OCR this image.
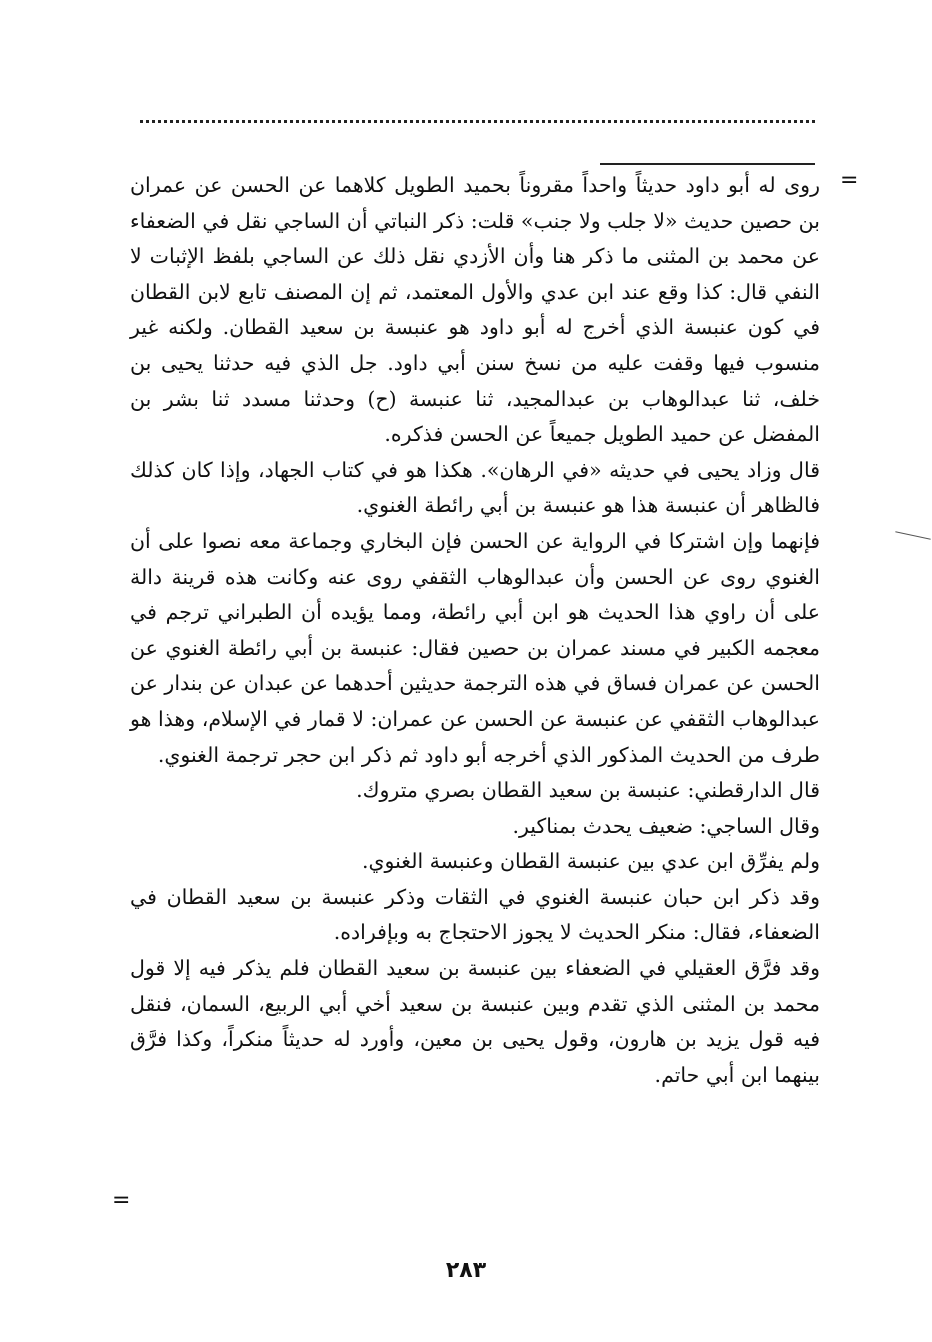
=

روى له أبو داود حديثاً واحداً مقروناً بحميد الطويل كلاهما عن الحسن عن عمران بن حصين حديث «لا جلب ولا جنب» قلت: ذكر النباتي أن الساجي نقل في الضعفاء عن محمد بن المثنى ما ذكر هنا وأن الأزدي نقل ذلك عن الساجي بلفظ الإثبات لا النفي قال: كذا وقع عند ابن عدي والأول المعتمد، ثم إن المصنف تابع لابن القطان في كون عنبسة الذي أخرج له أبو داود هو عنبسة بن سعيد القطان. ولكنه غير منسوب فيها وقفت عليه من نسخ سنن أبي داود. جل الذي فيه حدثنا يحيى بن خلف، ثنا عبدالوهاب بن عبدالمجيد، ثنا عنبسة (ح) وحدثنا مسدد ثنا بشر بن المفضل عن حميد الطويل جميعاً عن الحسن فذكره.

قال وزاد يحيى في حديثه «في الرهان». هكذا هو في كتاب الجهاد، وإذا كان كذلك فالظاهر أن عنبسة هذا هو عنبسة بن أبي رائطة الغنوي.

فإنهما وإن اشتركا في الرواية عن الحسن فإن البخاري وجماعة معه نصوا على أن الغنوي روى عن الحسن وأن عبدالوهاب الثقفي روى عنه وكانت هذه قرينة دالة على أن راوي هذا الحديث هو ابن أبي رائطة، ومما يؤيده أن الطبراني ترجم في معجمه الكبير في مسند عمران بن حصين فقال: عنبسة بن أبي رائطة الغنوي عن الحسن عن عمران فساق في هذه الترجمة حديثين أحدهما عن عبدان عن بندار عن عبدالوهاب الثقفي عن عنبسة عن الحسن عن عمران: لا قمار في الإسلام، وهذا هو طرف من الحديث المذكور الذي أخرجه أبو داود ثم ذكر ابن حجر ترجمة الغنوي.

قال الدارقطني: عنبسة بن سعيد القطان بصري متروك.

وقال الساجي: ضعيف يحدث بمناكير.

ولم يفرِّق ابن عدي بين عنبسة القطان وعنبسة الغنوي.

وقد ذكر ابن حبان عنبسة الغنوي في الثقات وذكر عنبسة بن سعيد القطان في الضعفاء، فقال: منكر الحديث لا يجوز الاحتجاج به وبإفراده.

وقد فرَّق العقيلي في الضعفاء بين عنبسة بن سعيد القطان فلم يذكر فيه إلا قول محمد بن المثنى الذي تقدم وبين عنبسة بن سعيد أخي أبي الربيع، السمان، فنقل فيه قول يزيد بن هارون، وقول يحيى بن معين، وأورد له حديثاً منكراً، وكذا فرَّق بينهما ابن أبي حاتم.

=
٢٨٣
